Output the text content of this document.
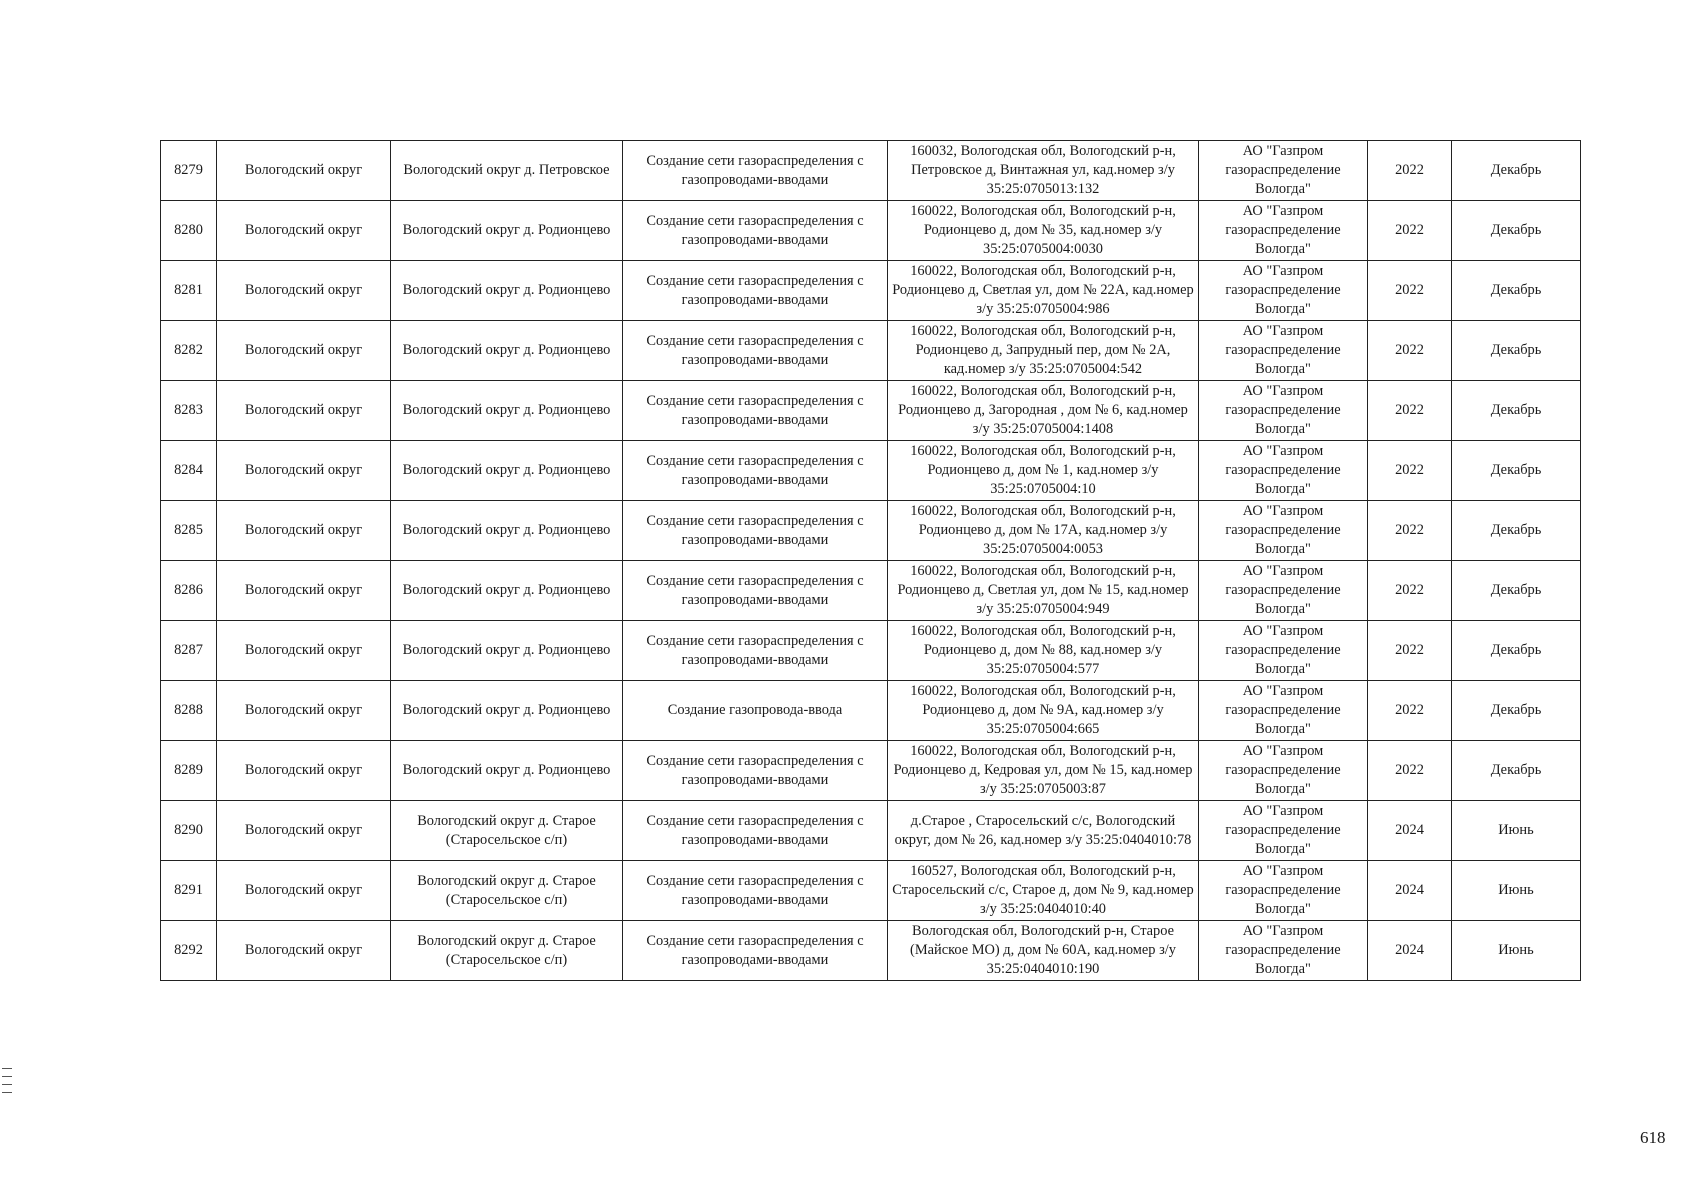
8279	Вологодский округ	Вологодский округ д. Петровское	Создание сети газораспределения с газопроводами-вводами	160032, Вологодская обл, Вологодский р-н, Петровское д, Винтажная ул, кад.номер з/у 35:25:0705013:132	АО "Газпром газораспределение Вологда"	2022	Декабрь
8280	Вологодский округ	Вологодский округ д. Родионцево	Создание сети газораспределения с газопроводами-вводами	160022, Вологодская обл, Вологодский р-н, Родионцево д, дом № 35, кад.номер з/у 35:25:0705004:0030	АО "Газпром газораспределение Вологда"	2022	Декабрь
8281	Вологодский округ	Вологодский округ д. Родионцево	Создание сети газораспределения с газопроводами-вводами	160022, Вологодская обл, Вологодский р-н, Родионцево д, Светлая ул, дом № 22А, кад.номер з/у 35:25:0705004:986	АО "Газпром газораспределение Вологда"	2022	Декабрь
8282	Вологодский округ	Вологодский округ д. Родионцево	Создание сети газораспределения с газопроводами-вводами	160022, Вологодская обл, Вологодский р-н, Родионцево д, Запрудный пер, дом № 2А, кад.номер з/у 35:25:0705004:542	АО "Газпром газораспределение Вологда"	2022	Декабрь
8283	Вологодский округ	Вологодский округ д. Родионцево	Создание сети газораспределения с газопроводами-вводами	160022, Вологодская обл, Вологодский р-н, Родионцево д, Загородная , дом № 6, кад.номер з/у 35:25:0705004:1408	АО "Газпром газораспределение Вологда"	2022	Декабрь
8284	Вологодский округ	Вологодский округ д. Родионцево	Создание сети газораспределения с газопроводами-вводами	160022, Вологодская обл, Вологодский р-н, Родионцево д, дом № 1, кад.номер з/у 35:25:0705004:10	АО "Газпром газораспределение Вологда"	2022	Декабрь
8285	Вологодский округ	Вологодский округ д. Родионцево	Создание сети газораспределения с газопроводами-вводами	160022, Вологодская обл, Вологодский р-н, Родионцево д, дом № 17А, кад.номер з/у 35:25:0705004:0053	АО "Газпром газораспределение Вологда"	2022	Декабрь
8286	Вологодский округ	Вологодский округ д. Родионцево	Создание сети газораспределения с газопроводами-вводами	160022, Вологодская обл, Вологодский р-н, Родионцево д, Светлая ул, дом № 15, кад.номер з/у 35:25:0705004:949	АО "Газпром газораспределение Вологда"	2022	Декабрь
8287	Вологодский округ	Вологодский округ д. Родионцево	Создание сети газораспределения с газопроводами-вводами	160022, Вологодская обл, Вологодский р-н, Родионцево д, дом № 88, кад.номер з/у 35:25:0705004:577	АО "Газпром газораспределение Вологда"	2022	Декабрь
8288	Вологодский округ	Вологодский округ д. Родионцево	Создание газопровода-ввода	160022, Вологодская обл, Вологодский р-н, Родионцево д, дом № 9А, кад.номер з/у 35:25:0705004:665	АО "Газпром газораспределение Вологда"	2022	Декабрь
8289	Вологодский округ	Вологодский округ д. Родионцево	Создание сети газораспределения с газопроводами-вводами	160022, Вологодская обл, Вологодский р-н, Родионцево д, Кедровая ул, дом № 15, кад.номер з/у 35:25:0705003:87	АО "Газпром газораспределение Вологда"	2022	Декабрь
8290	Вологодский округ	Вологодский округ д. Старое (Старосельское с/п)	Создание сети газораспределения с газопроводами-вводами	д.Старое , Старосельский с/с, Вологодский округ, дом № 26, кад.номер з/у 35:25:0404010:78	АО "Газпром газораспределение Вологда"	2024	Июнь
8291	Вологодский округ	Вологодский округ д. Старое (Старосельское с/п)	Создание сети газораспределения с газопроводами-вводами	160527, Вологодская обл, Вологодский р-н, Старосельский с/с, Старое д, дом № 9, кад.номер з/у 35:25:0404010:40	АО "Газпром газораспределение Вологда"	2024	Июнь
8292	Вологодский округ	Вологодский округ д. Старое (Старосельское с/п)	Создание сети газораспределения с газопроводами-вводами	Вологодская обл, Вологодский р-н, Старое (Майское МО) д, дом № 60А, кад.номер з/у 35:25:0404010:190	АО "Газпром газораспределение Вологда"	2024	Июнь
618
